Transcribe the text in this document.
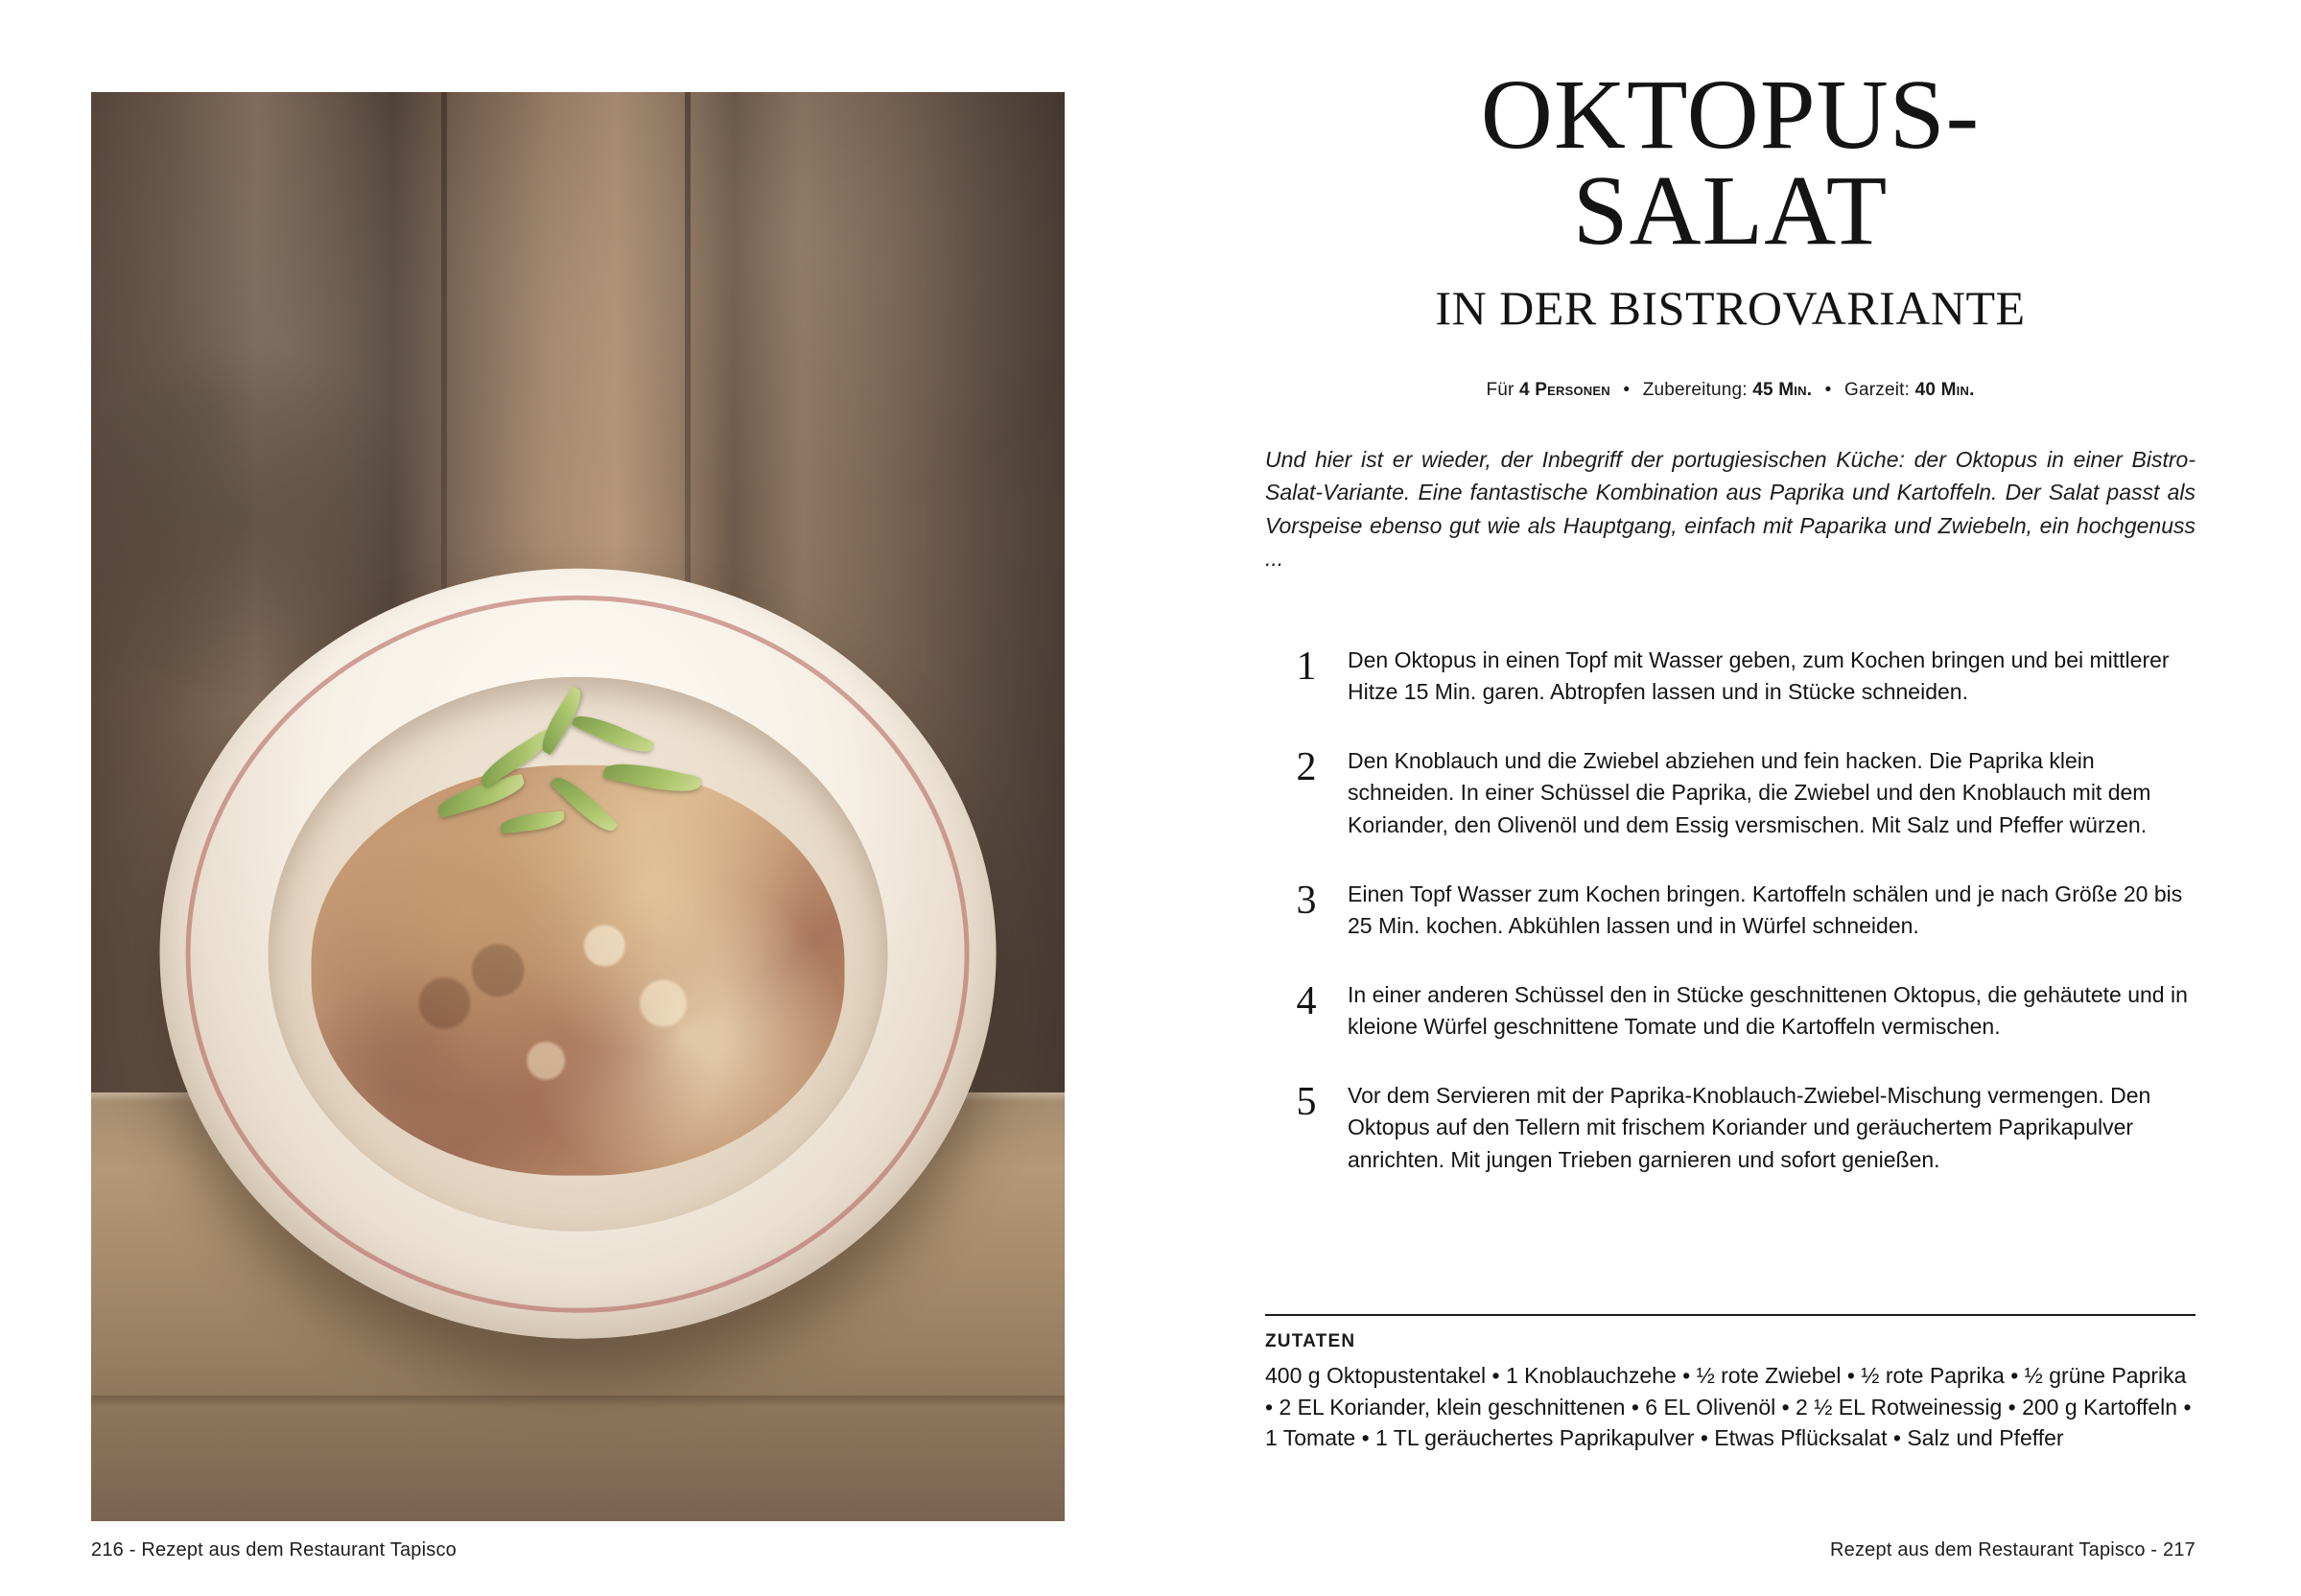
216 - Rezept aus dem Restaurant Tapisco
OKTOPUS-
SALAT
IN DER BISTROVARIANTE
Für 4 Personen • Zubereitung: 45 Min. • Garzeit: 40 Min.
Und hier ist er wieder, der Inbegriff der portugiesischen Küche: der Oktopus in einer Bistro-Salat-Variante. Eine fantastische Kombination aus Paprika und Kartoffeln. Der Salat passt als Vorspeise ebenso gut wie als Hauptgang, einfach mit Paparika und Zwiebeln, ein hochgenuss ...
1	Den Oktopus in einen Topf mit Wasser geben, zum Kochen bringen und bei mittlerer Hitze 15 Min. garen. Abtropfen lassen und in Stücke schneiden.
2	Den Knoblauch und die Zwiebel abziehen und fein hacken. Die Paprika klein schneiden. In einer Schüssel die Paprika, die Zwiebel und den Knoblauch mit dem Koriander, den Olivenöl und dem Essig versmischen. Mit Salz und Pfeffer würzen.
3	Einen Topf Wasser zum Kochen bringen. Kartoffeln schälen und je nach Größe 20 bis 25 Min. kochen. Abkühlen lassen und in Würfel schneiden.
4	In einer anderen Schüssel den in Stücke geschnittenen Oktopus, die gehäutete und in kleione Würfel geschnittene Tomate und die Kartoffeln vermischen.
5	Vor dem Servieren mit der Paprika-Knoblauch-Zwiebel-Mischung vermengen. Den Oktopus auf den Tellern mit frischem Koriander und geräuchertem Paprikapulver anrichten. Mit jungen Trieben garnieren und sofort genießen.
ZUTATEN
400 g Oktopustentakel • 1 Knoblauchzehe • ½ rote Zwiebel • ½ rote Paprika • ½ grüne Paprika • 2 EL Koriander, klein geschnittenen • 6 EL Olivenöl • 2 ½ EL Rotweinessig • 200 g Kartoffeln • 1 Tomate • 1 TL geräuchertes Paprikapulver • Etwas Pflücksalat • Salz und Pfeffer
Rezept aus dem Restaurant Tapisco - 217
